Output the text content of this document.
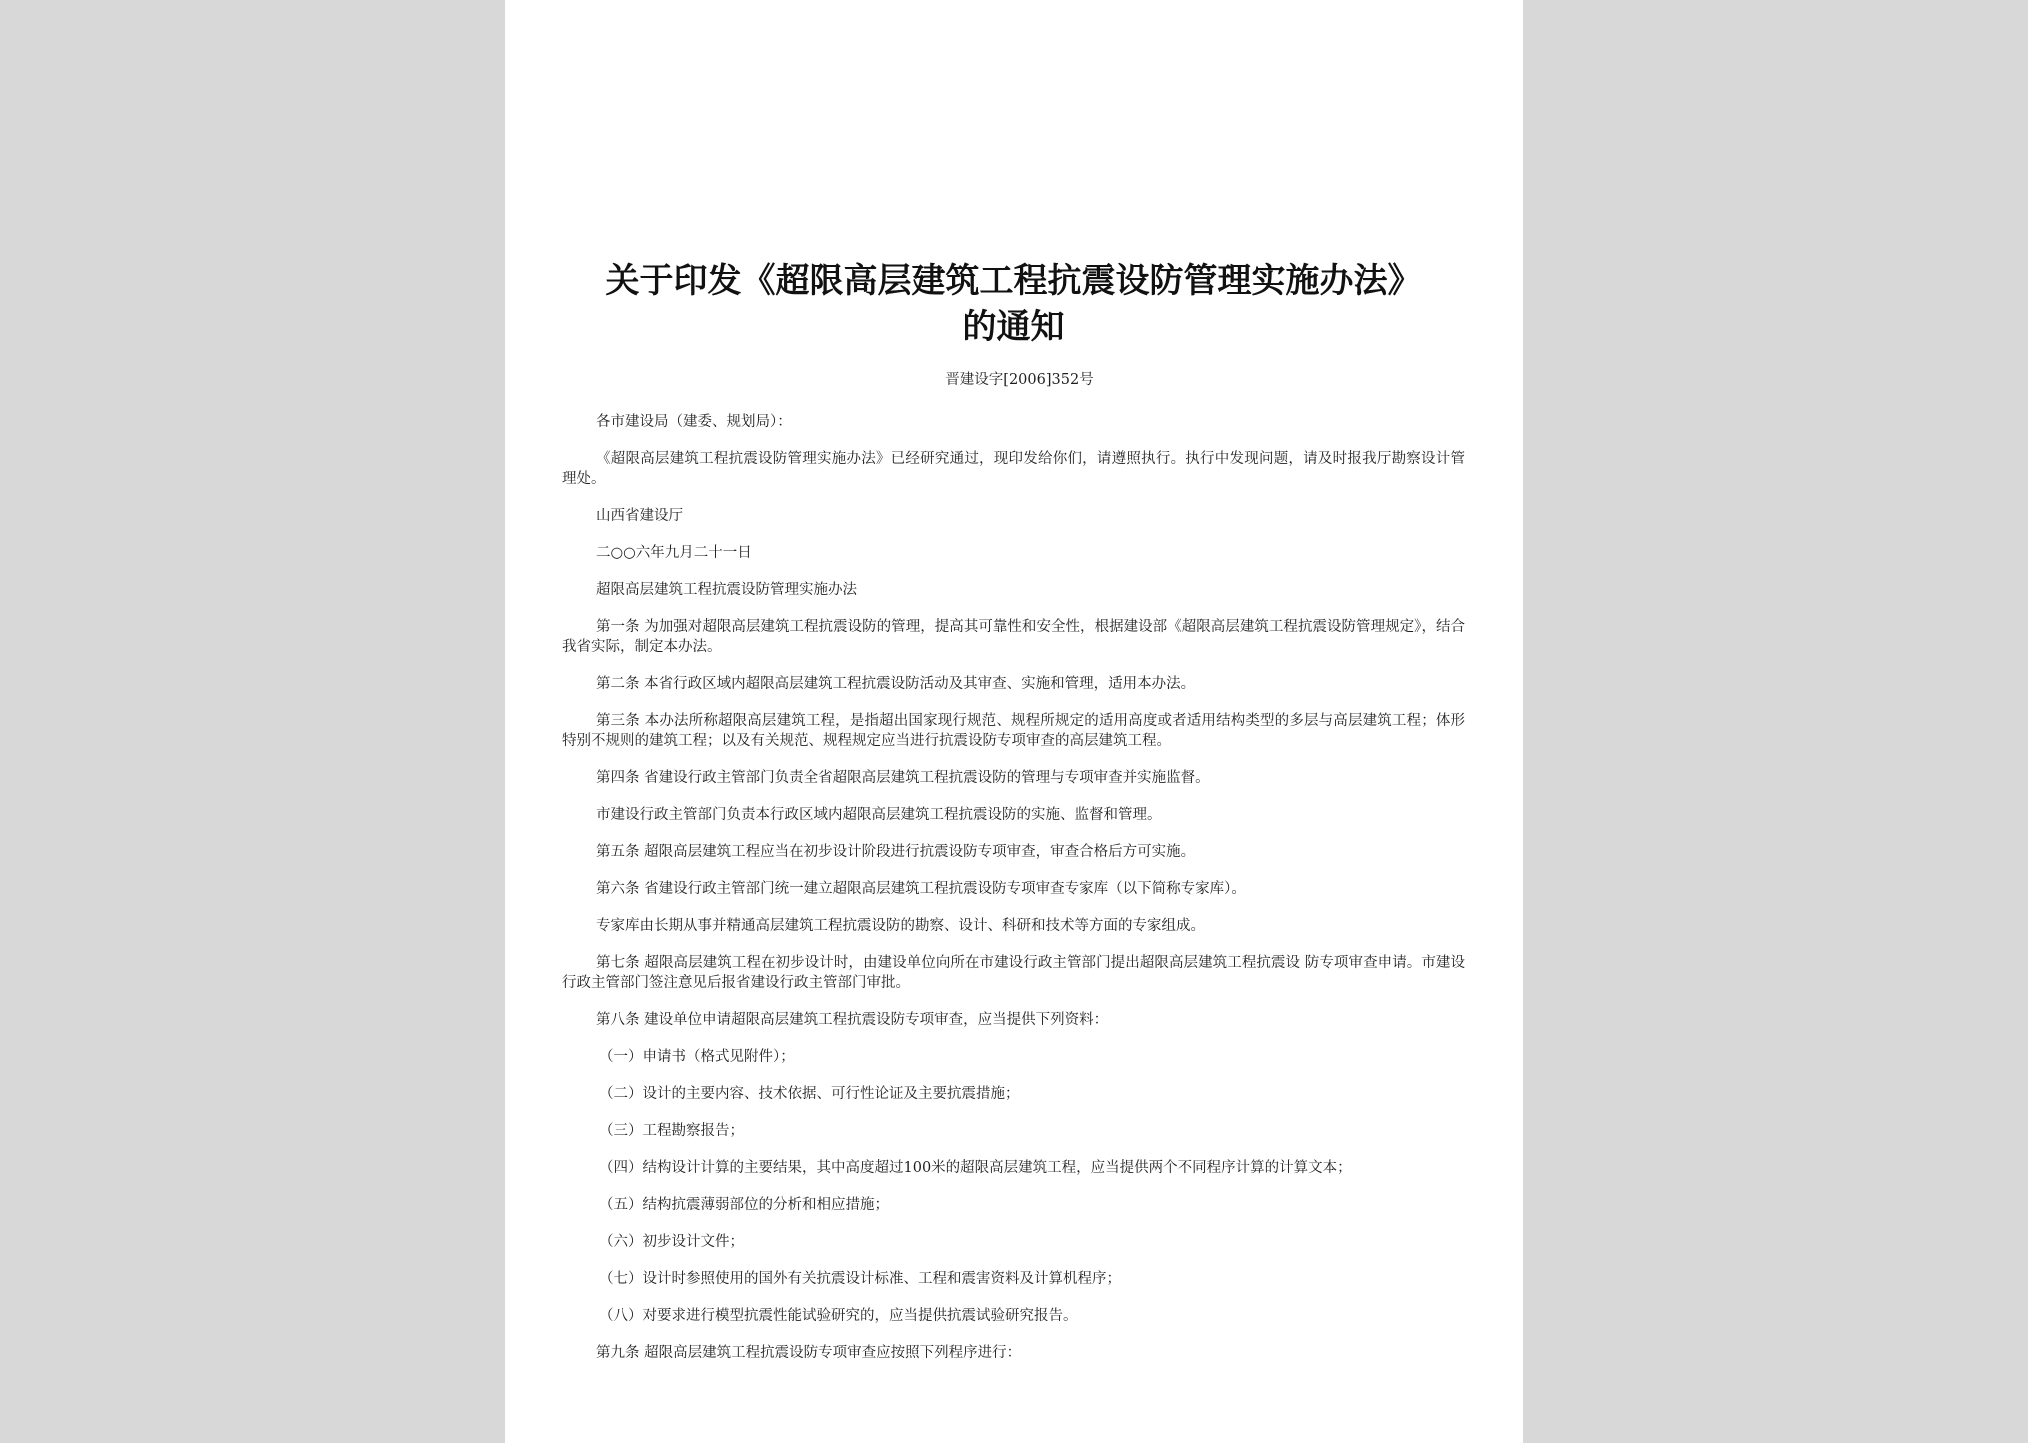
关于印发《超限高层建筑工程抗震设防管理实施办法》
的通知
晋建设字[2006]352号

各市建设局（建委、规划局）：

《超限高层建筑工程抗震设防管理实施办法》已经研究通过，现印发给你们，请遵照执行。执行中发现问题，请及时报我厅勘察设计管理处。

山西省建设厅

二○○六年九月二十一日

超限高层建筑工程抗震设防管理实施办法

第一条 为加强对超限高层建筑工程抗震设防的管理，提高其可靠性和安全性，根据建设部《超限高层建筑工程抗震设防管理规定》，结合我省实际，制定本办法。

第二条 本省行政区域内超限高层建筑工程抗震设防活动及其审查、实施和管理，适用本办法。

第三条 本办法所称超限高层建筑工程，是指超出国家现行规范、规程所规定的适用高度或者适用结构类型的多层与高层建筑工程；体形特别不规则的建筑工程；以及有关规范、规程规定应当进行抗震设防专项审查的高层建筑工程。

第四条 省建设行政主管部门负责全省超限高层建筑工程抗震设防的管理与专项审查并实施监督。

市建设行政主管部门负责本行政区域内超限高层建筑工程抗震设防的实施、监督和管理。

第五条 超限高层建筑工程应当在初步设计阶段进行抗震设防专项审查，审查合格后方可实施。

第六条 省建设行政主管部门统一建立超限高层建筑工程抗震设防专项审查专家库（以下简称专家库）。

专家库由长期从事并精通高层建筑工程抗震设防的勘察、设计、科研和技术等方面的专家组成。

第七条 超限高层建筑工程在初步设计时，由建设单位向所在市建设行政主管部门提出超限高层建筑工程抗震设 防专项审查申请。市建设行政主管部门签注意见后报省建设行政主管部门审批。

第八条 建设单位申请超限高层建筑工程抗震设防专项审查，应当提供下列资料：

（一）申请书（格式见附件）；

（二）设计的主要内容、技术依据、可行性论证及主要抗震措施；

（三）工程勘察报告；

（四）结构设计计算的主要结果，其中高度超过100米的超限高层建筑工程，应当提供两个不同程序计算的计算文本；

（五）结构抗震薄弱部位的分析和相应措施；

（六）初步设计文件；

（七）设计时参照使用的国外有关抗震设计标准、工程和震害资料及计算机程序；

（八）对要求进行模型抗震性能试验研究的，应当提供抗震试验研究报告。

第九条 超限高层建筑工程抗震设防专项审查应按照下列程序进行：
